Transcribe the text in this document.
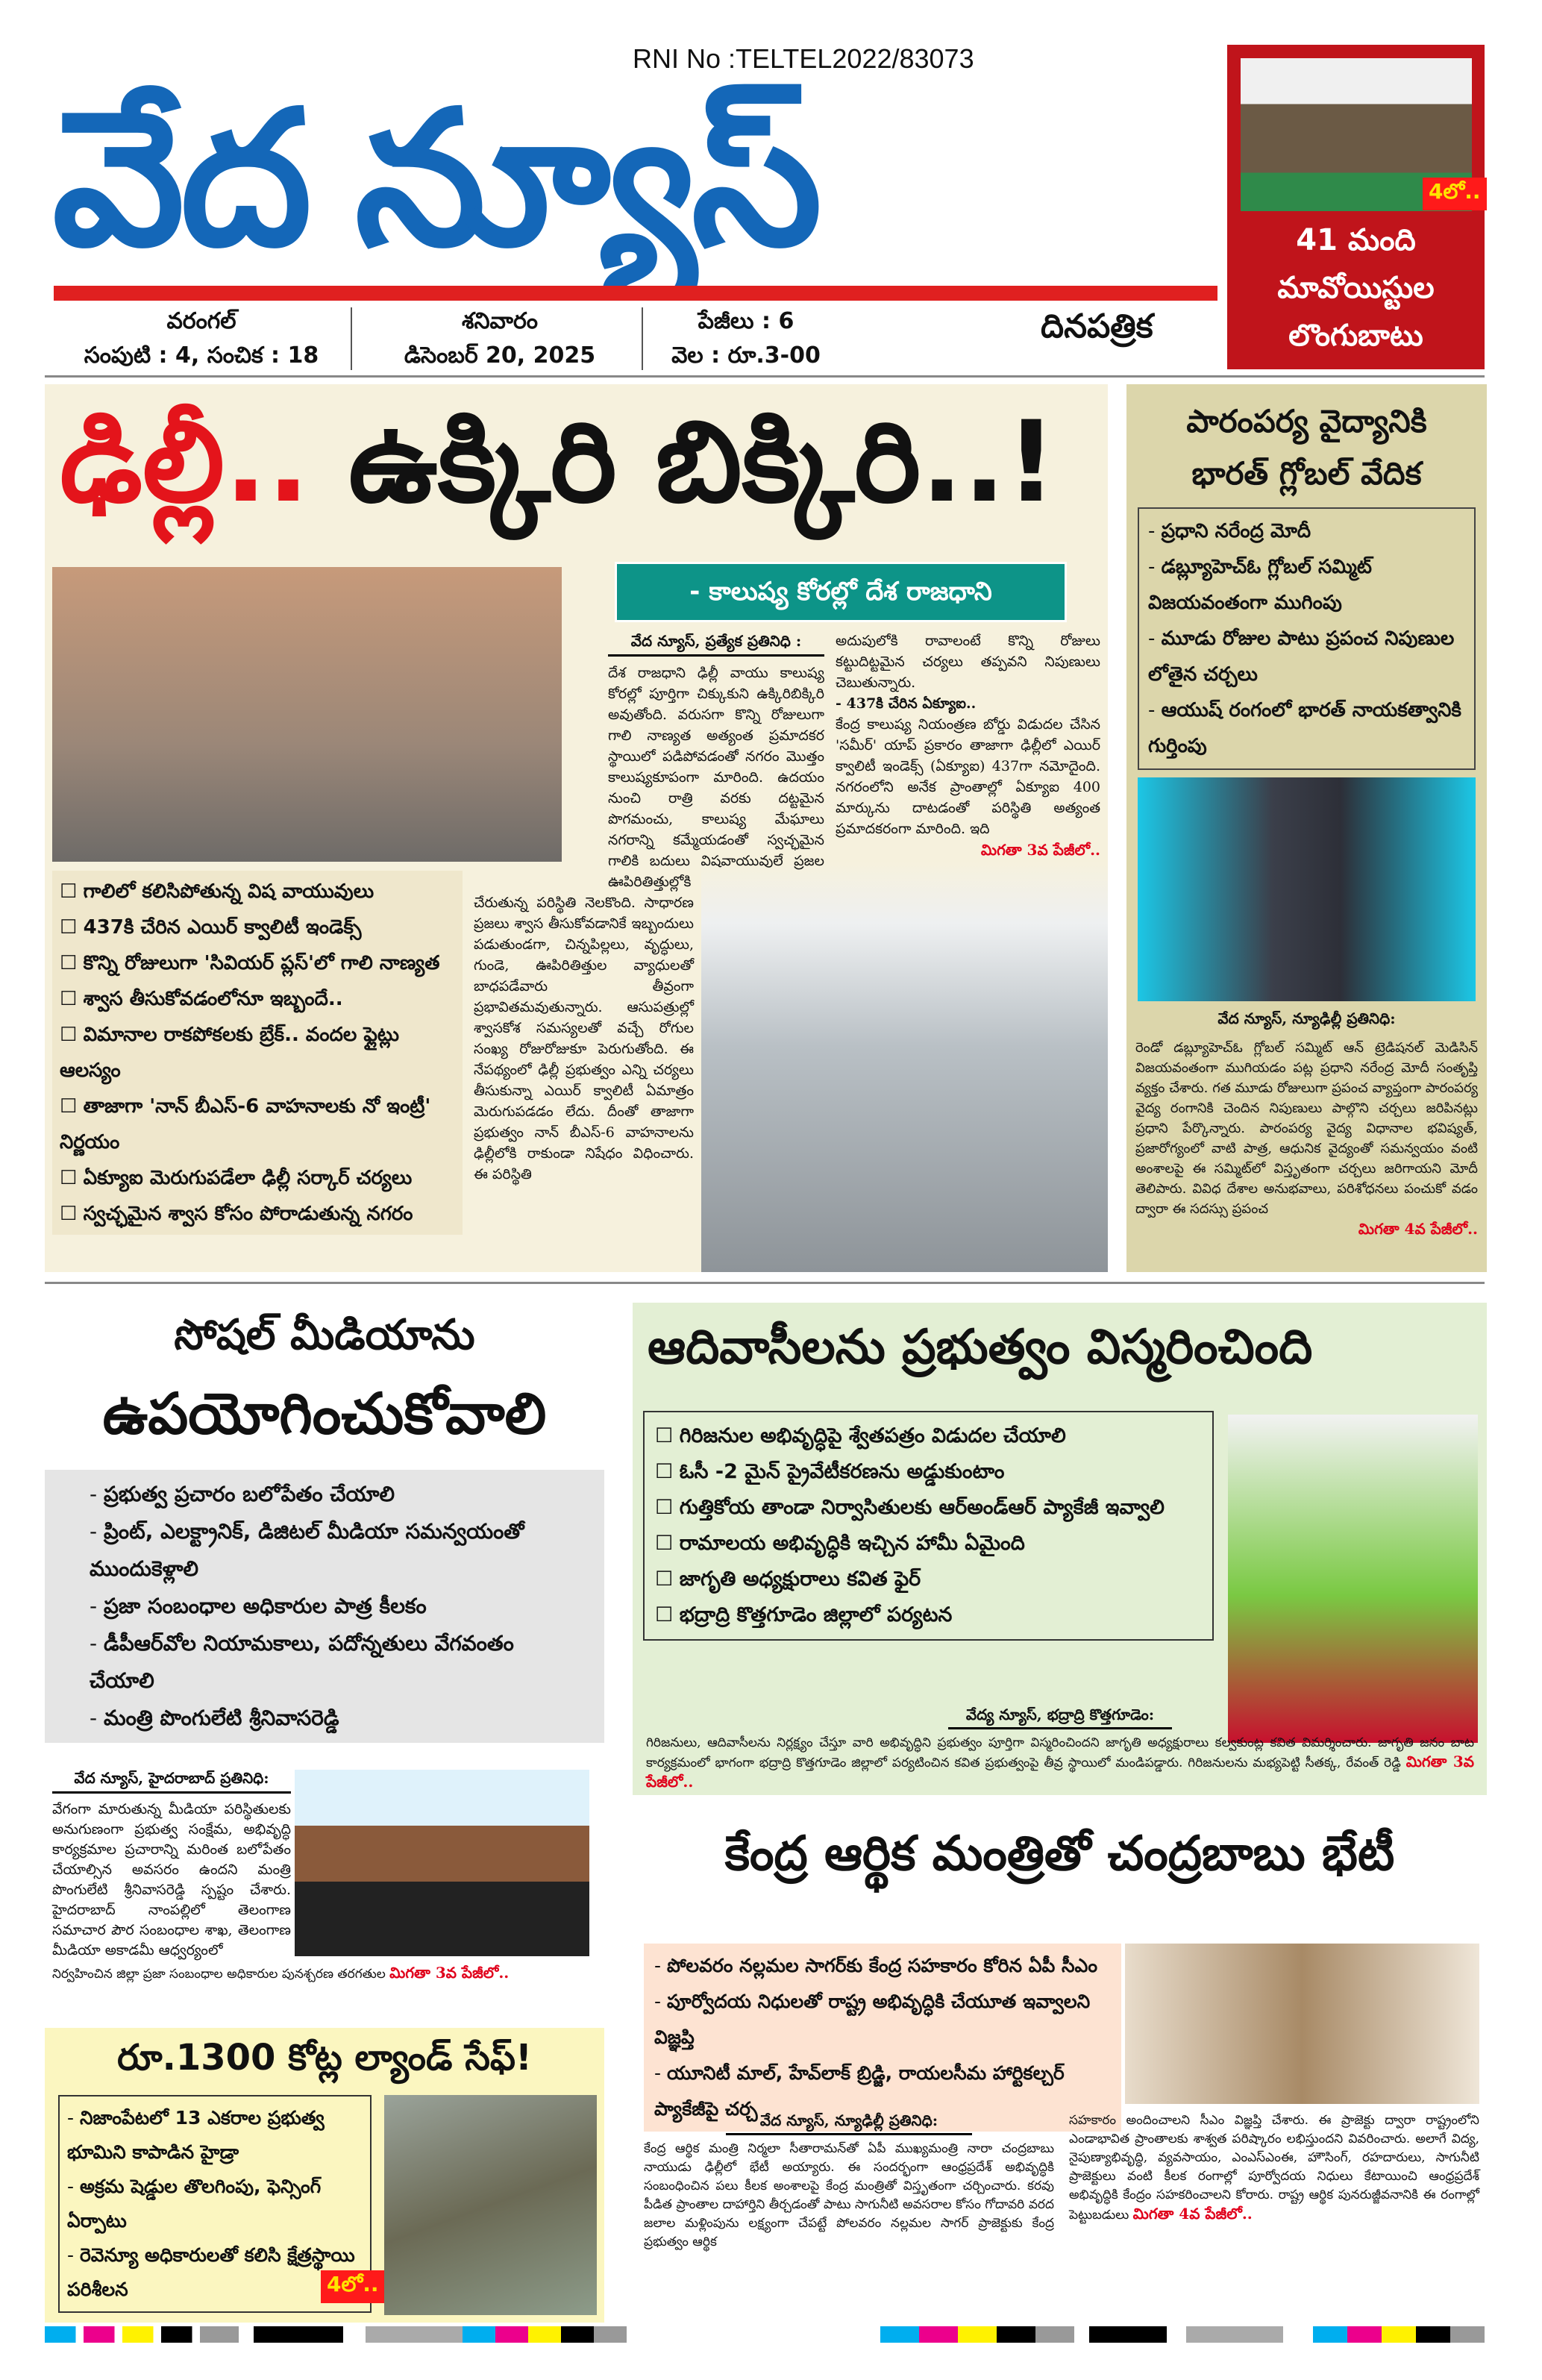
RNI No :TELTEL2022/83073
వేద న్యూస్
వరంగల్
సంపుటి : 4, సంచిక : 18
శనివారం
డిసెంబర్ 20, 2025
పేజీలు : 6
వెల : రూ.3-00
దినపత్రిక
4లో..
41 మంది
మావోయిస్టుల
లొంగుబాటు
ఢిల్లీ.. ఉక్కిరి బిక్కిరి..!
- కాలుష్య కోరల్లో దేశ రాజధాని
వేద న్యూస్, ప్రత్యేక ప్రతినిధి :
దేశ రాజధాని ఢిల్లీ వాయు కాలుష్య కోరల్లో పూర్తిగా చిక్కుకుని ఉక్కిరిబిక్కిరి అవుతోంది. వరుసగా కొన్ని రోజులుగా గాలి నాణ్యత అత్యంత ప్రమాదకర స్థాయిలో పడిపోవడంతో నగరం మొత్తం కాలుష్యకూపంగా మారింది. ఉదయం నుంచి రాత్రి వరకు దట్టమైన పొగమంచు, కాలుష్య మేఘాలు నగరాన్ని కమ్మేయడంతో స్వచ్ఛమైన గాలికి బదులు విషవాయువులే ప్రజల ఊపిరితిత్తుల్లోకి చేరుతున్న పరిస్థితి నెలకొంది. సాధారణ ప్రజలు శ్వాస తీసుకోవడానికే ఇబ్బందులు పడుతుండగా, చిన్నపిల్లలు, వృద్ధులు, గుండె, ఊపిరితిత్తుల వ్యాధులతో బాధపడేవారు తీవ్రంగా ప్రభావితమవుతున్నారు. ఆసుపత్రుల్లో శ్వాసకోశ సమస్యలతో వచ్చే రోగుల సంఖ్య రోజురోజుకూ పెరుగుతోంది. ఈ నేపథ్యంలో ఢిల్లీ ప్రభుత్వం ఎన్ని చర్యలు తీసుకున్నా ఎయిర్ క్వాలిటీ ఏమాత్రం మెరుగుపడడం లేదు. దీంతో తాజాగా ప్రభుత్వం నాన్ బీఎస్-6 వాహనాలను ఢిల్లీలోకి రాకుండా నిషేధం విధించారు. ఈ పరిస్థితి
అదుపులోకి రావాలంటే కొన్ని రోజులు కట్టుదిట్టమైన చర్యలు తప్పవని నిపుణులు చెబుతున్నారు.
- 437కి చేరిన ఏక్యూఐ..
కేంద్ర కాలుష్య నియంత్రణ బోర్డు విడుదల చేసిన 'సమీర్' యాప్ ప్రకారం తాజాగా ఢిల్లీలో ఎయిర్ క్వాలిటీ ఇండెక్స్ (ఏక్యూఐ) 437గా నమోదైంది. నగరంలోని అనేక ప్రాంతాల్లో ఏక్యూఐ 400 మార్కును దాటడంతో పరిస్థితి అత్యంత ప్రమాదకరంగా మారింది. ఇది
మిగతా 3వ పేజీలో..
☐ గాలిలో కలిసిపోతున్న విష వాయువులు
☐ 437కి చేరిన ఎయిర్ క్వాలిటీ ఇండెక్స్
☐ కొన్ని రోజులుగా 'సివియర్ ప్లస్'లో గాలి నాణ్యత
☐ శ్వాస తీసుకోవడంలోనూ ఇబ్బందే..
☐ విమానాల రాకపోకలకు బ్రేక్.. వందల ఫ్లైట్లు ఆలస్యం
☐ తాజాగా 'నాన్ బీఎస్-6 వాహనాలకు నో ఇంట్రీ' నిర్ణయం
☐ ఏక్యూఐ మెరుగుపడేలా ఢిల్లీ సర్కార్ చర్యలు
☐ స్వచ్ఛమైన శ్వాస కోసం పోరాడుతున్న నగరం
పారంపర్య వైద్యానికి
భారత్ గ్లోబల్ వేదిక
- ప్రధాని నరేంద్ర మోదీ
- డబ్ల్యూహెచ్ఓ గ్లోబల్ సమ్మిట్ విజయవంతంగా ముగింపు
- మూడు రోజుల పాటు ప్రపంచ నిపుణుల లోతైన చర్చలు
- ఆయుష్ రంగంలో భారత్ నాయకత్వానికి గుర్తింపు
వేద న్యూస్, న్యూఢిల్లీ ప్రతినిధి:
రెండో డబ్ల్యూహెచ్ఓ గ్లోబల్ సమ్మిట్ ఆన్ ట్రెడిషనల్ మెడిసిన్ విజయవంతంగా ముగియడం పట్ల ప్రధాని నరేంద్ర మోదీ సంతృప్తి వ్యక్తం చేశారు. గత మూడు రోజులుగా ప్రపంచ వ్యాప్తంగా పారంపర్య వైద్య రంగానికి చెందిన నిపుణులు పాల్గొని చర్చలు జరిపినట్లు ప్రధాని పేర్కొన్నారు. పారంపర్య వైద్య విధానాల భవిష్యత్, ప్రజారోగ్యంలో వాటి పాత్ర, ఆధునిక వైద్యంతో సమన్వయం వంటి అంశాలపై ఈ సమ్మిట్‌లో విస్తృతంగా చర్చలు జరిగాయని మోదీ తెలిపారు. వివిధ దేశాల అనుభవాలు, పరిశోధనలు పంచుకో వడం ద్వారా ఈ సదస్సు ప్రపంచ
మిగతా 4వ పేజీలో..
సోషల్ మీడియాను
ఉపయోగించుకోవాలి
- ప్రభుత్వ ప్రచారం బలోపేతం చేయాలి
- ప్రింట్, ఎలక్ట్రానిక్, డిజిటల్ మీడియా సమన్వయంతో ముందుకెళ్లాలి
- ప్రజా సంబంధాల అధికారుల పాత్ర కీలకం
- డీపీఆర్‌వోల నియామకాలు, పదోన్నతులు వేగవంతం చేయాలి
- మంత్రి పొంగులేటి శ్రీనివాసరెడ్డి
వేద న్యూస్, హైదరాబాద్ ప్రతినిధి:
వేగంగా మారుతున్న మీడియా పరిస్థితులకు అనుగుణంగా ప్రభుత్వ సంక్షేమ, అభివృద్ధి కార్యక్రమాల ప్రచారాన్ని మరింత బలోపేతం చేయాల్సిన అవసరం ఉందని మంత్రి పొంగులేటి శ్రీనివాసరెడ్డి స్పష్టం చేశారు. హైదరాబాద్ నాంపల్లిలో తెలంగాణ సమాచార పౌర సంబంధాల శాఖ, తెలంగాణ మీడియా అకాడమీ ఆధ్వర్యంలో
నిర్వహించిన జిల్లా ప్రజా సంబంధాల అధికారుల పునశ్చరణ తరగతుల మిగతా 3వ పేజీలో..
రూ.1300 కోట్ల ల్యాండ్ సేఫ్!
- నిజాంపేటలో 13 ఎకరాల ప్రభుత్వ భూమిని కాపాడిన హైడ్రా
- అక్రమ షెడ్డుల తొలగింపు, ఫెన్సింగ్ ఏర్పాటు
- రెవెన్యూ అధికారులతో కలిసి క్షేత్రస్థాయి పరిశీలన	4లో..
ఆదివాసీలను ప్రభుత్వం విస్మరించింది
☐ గిరిజనుల అభివృద్ధిపై శ్వేతపత్రం విడుదల చేయాలి
☐ ఓసీ -2 మైన్ ప్రైవేటీకరణను అడ్డుకుంటాం
☐ గుత్తికోయ తాండా నిర్వాసితులకు ఆర్‌అండ్‌ఆర్ ప్యాకేజీ ఇవ్వాలి
☐ రామాలయ అభివృద్ధికి ఇచ్చిన హామీ ఏమైంది
☐ జాగృతి అధ్యక్షురాలు కవిత ఫైర్
☐ భద్రాద్రి కొత్తగూడెం జిల్లాలో పర్యటన
వేద్య న్యూస్, భద్రాద్రి కొత్తగూడెం:
గిరిజనులు, ఆదివాసీలను నిర్లక్ష్యం చేస్తూ వారి అభివృద్ధిని ప్రభుత్వం పూర్తిగా విస్మరించిందని జాగృతి అధ్యక్షురాలు కల్వకుంట్ల కవిత విమర్శించారు. జాగృతి జనం బాట కార్యక్రమంలో భాగంగా భద్రాద్రి కొత్తగూడెం జిల్లాలో పర్యటించిన కవిత ప్రభుత్వంపై తీవ్ర స్థాయిలో మండిపడ్డారు. గిరిజనులను మభ్యపెట్టి సీతక్క, రేవంత్ రెడ్డి మిగతా 3వ పేజీలో..
కేంద్ర ఆర్థిక మంత్రితో చంద్రబాబు భేటీ
- పోలవరం నల్లమల సాగర్‌కు కేంద్ర సహకారం కోరిన ఏపీ సీఎం
- పూర్వోదయ నిధులతో రాష్ట్ర అభివృద్ధికి చేయూత ఇవ్వాలని విజ్ఞప్తి
- యూనిటీ మాల్, హేవ్‌లాక్ బ్రిడ్జి, రాయలసీమ హార్టికల్చర్ ప్యాకేజీపై చర్చ
వేద న్యూస్, న్యూఢిల్లీ ప్రతినిధి:
కేంద్ర ఆర్థిక మంత్రి నిర్మలా సీతారామన్‌తో ఏపీ ముఖ్యమంత్రి నారా చంద్రబాబు నాయుడు ఢిల్లీలో భేటీ అయ్యారు. ఈ సందర్భంగా ఆంధ్రప్రదేశ్ అభివృద్ధికి సంబంధించిన పలు కీలక అంశాలపై కేంద్ర మంత్రితో విస్తృతంగా చర్చించారు. కరవు పీడిత ప్రాంతాల దాహార్తిని తీర్చడంతో పాటు సాగునీటి అవసరాల కోసం గోదావరి వరద జలాల మళ్లింపును లక్ష్యంగా చేపట్టే పోలవరం నల్లమల సాగర్ ప్రాజెక్టుకు కేంద్ర ప్రభుత్వం ఆర్థిక
సహకారం అందించాలని సీఎం విజ్ఞప్తి చేశారు. ఈ ప్రాజెక్టు ద్వారా రాష్ట్రంలోని ఎండాభావిత ప్రాంతాలకు శాశ్వత పరిష్కారం లభిస్తుందని వివరించారు. అలాగే విద్య, నైపుణ్యాభివృద్ధి, వ్యవసాయం, ఎంఎస్ఎంఈ, హౌసింగ్, రహదారులు, సాగునీటి ప్రాజెక్టులు వంటి కీలక రంగాల్లో పూర్వోదయ నిధులు కేటాయించి ఆంధ్రప్రదేశ్ అభివృద్ధికి కేంద్రం సహకరించాలని కోరారు. రాష్ట్ర ఆర్థిక పునరుజ్జీవనానికి ఈ రంగాల్లో పెట్టుబడులు మిగతా 4వ పేజీలో..
